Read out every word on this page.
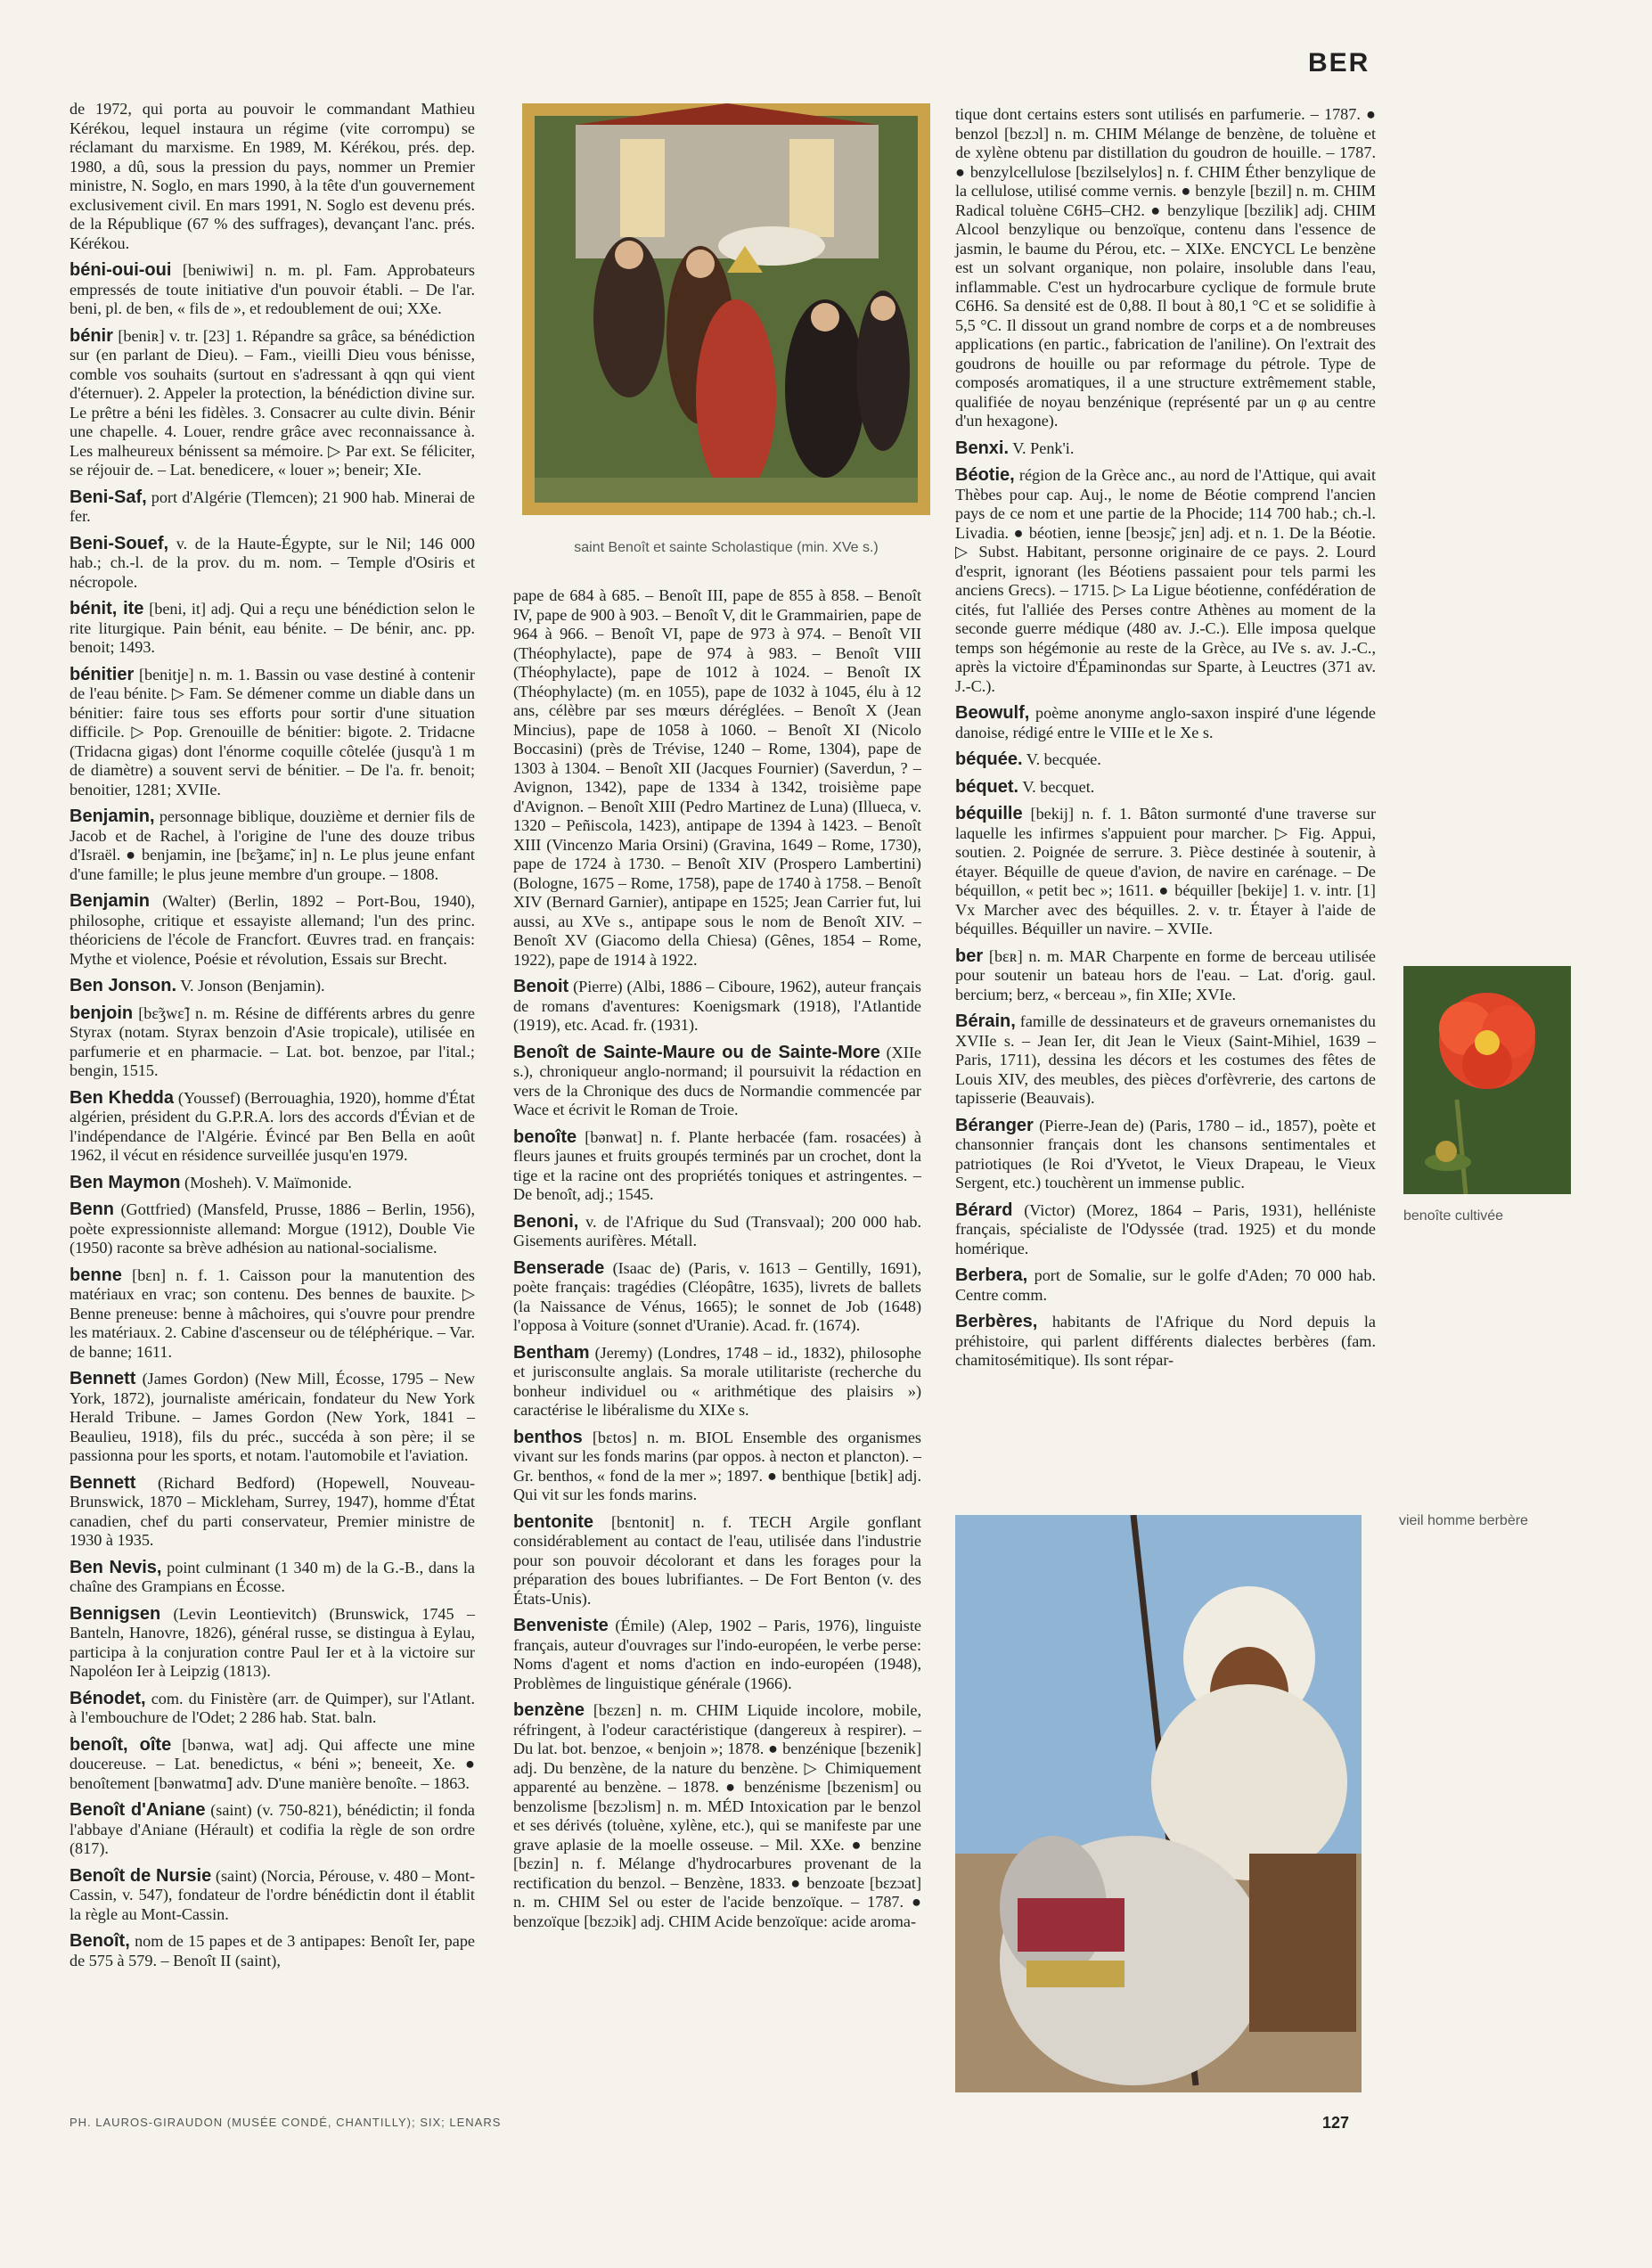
BER

de 1972, qui porta au pouvoir le commandant Mathieu Kérékou, lequel instaura un régime (vite corrompu) se réclamant du marxisme. En 1989, M. Kérékou, prés. dep. 1980, a dû, sous la pression du pays, nommer un Premier ministre, N. Soglo, en mars 1990, à la tête d'un gouvernement exclusivement civil. En mars 1991, N. Soglo est devenu prés. de la République (67 % des suffrages), devançant l'anc. prés. Kérékou.

béni-oui-oui [beniwiwi] n. m. pl. Fam. Approbateurs empressés de toute initiative d'un pouvoir établi. – De l'ar. beni, pl. de ben, « fils de », et redoublement de oui; XXe.

bénir [beniʀ] v. tr. [23] 1. Répandre sa grâce, sa bénédiction sur (en parlant de Dieu). – Fam., vieilli Dieu vous bénisse, comble vos souhaits (surtout en s'adressant à qqn qui vient d'éternuer). 2. Appeler la protection, la bénédiction divine sur. Le prêtre a béni les fidèles. 3. Consacrer au culte divin. Bénir une chapelle. 4. Louer, rendre grâce avec reconnaissance à. Les malheureux bénissent sa mémoire. ▷ Par ext. Se féliciter, se réjouir de. – Lat. benedicere, « louer »; beneir; XIe.

Beni-Saf, port d'Algérie (Tlemcen); 21 900 hab. Minerai de fer.

Beni-Souef, v. de la Haute-Égypte, sur le Nil; 146 000 hab.; ch.-l. de la prov. du m. nom. – Temple d'Osiris et nécropole.

bénit, ite [beni, it] adj. Qui a reçu une bénédiction selon le rite liturgique. Pain bénit, eau bénite. – De bénir, anc. pp. benoit; 1493.

bénitier [benitje] n. m. 1. Bassin ou vase destiné à contenir de l'eau bénite. ▷ Fam. Se démener comme un diable dans un bénitier: faire tous ses efforts pour sortir d'une situation difficile. ▷ Pop. Grenouille de bénitier: bigote. 2. Tridacne (Tridacna gigas) dont l'énorme coquille côtelée (jusqu'à 1 m de diamètre) a souvent servi de bénitier. – De l'a. fr. benoit; benoitier, 1281; XVIIe.

Benjamin, personnage biblique, douzième et dernier fils de Jacob et de Rachel, à l'origine de l'une des douze tribus d'Israël. ● benjamin, ine [bɛ̃ʒamɛ̃, in] n. Le plus jeune enfant d'une famille; le plus jeune membre d'un groupe. – 1808.

Benjamin (Walter) (Berlin, 1892 – Port-Bou, 1940), philosophe, critique et essayiste allemand; l'un des princ. théoriciens de l'école de Francfort. Œuvres trad. en français: Mythe et violence, Poésie et révolution, Essais sur Brecht.

Ben Jonson. V. Jonson (Benjamin).

benjoin [bɛ̃ʒwɛ̃] n. m. Résine de différents arbres du genre Styrax (notam. Styrax benzoin d'Asie tropicale), utilisée en parfumerie et en pharmacie. – Lat. bot. benzoe, par l'ital.; bengin, 1515.

Ben Khedda (Youssef) (Berrouaghia, 1920), homme d'État algérien, président du G.P.R.A. lors des accords d'Évian et de l'indépendance de l'Algérie. Évincé par Ben Bella en août 1962, il vécut en résidence surveillée jusqu'en 1979.

Ben Maymon (Mosheh). V. Maïmonide.

Benn (Gottfried) (Mansfeld, Prusse, 1886 – Berlin, 1956), poète expressionniste allemand: Morgue (1912), Double Vie (1950) raconte sa brève adhésion au national-socialisme.

benne [bɛn] n. f. 1. Caisson pour la manutention des matériaux en vrac; son contenu. Des bennes de bauxite. ▷ Benne preneuse: benne à mâchoires, qui s'ouvre pour prendre les matériaux. 2. Cabine d'ascenseur ou de téléphérique. – Var. de banne; 1611.

Bennett (James Gordon) (New Mill, Écosse, 1795 – New York, 1872), journaliste américain, fondateur du New York Herald Tribune. – James Gordon (New York, 1841 – Beaulieu, 1918), fils du préc., succéda à son père; il se passionna pour les sports, et notam. l'automobile et l'aviation.

Bennett (Richard Bedford) (Hopewell, Nouveau-Brunswick, 1870 – Mickleham, Surrey, 1947), homme d'État canadien, chef du parti conservateur, Premier ministre de 1930 à 1935.

Ben Nevis, point culminant (1 340 m) de la G.-B., dans la chaîne des Grampians en Écosse.

Bennigsen (Levin Leontievitch) (Brunswick, 1745 – Banteln, Hanovre, 1826), général russe, se distingua à Eylau, participa à la conjuration contre Paul Ier et à la victoire sur Napoléon Ier à Leipzig (1813).

Bénodet, com. du Finistère (arr. de Quimper), sur l'Atlant. à l'embouchure de l'Odet; 2 286 hab. Stat. baln.

benoît, oîte [bənwa, wat] adj. Qui affecte une mine doucereuse. – Lat. benedictus, « béni »; beneeit, Xe. ● benoîtement [bənwatmɑ̃] adv. D'une manière benoîte. – 1863.

Benoît d'Aniane (saint) (v. 750-821), bénédictin; il fonda l'abbaye d'Aniane (Hérault) et codifia la règle de son ordre (817).

Benoît de Nursie (saint) (Norcia, Pérouse, v. 480 – Mont-Cassin, v. 547), fondateur de l'ordre bénédictin dont il établit la règle au Mont-Cassin.

Benoît, nom de 15 papes et de 3 antipapes: Benoît Ier, pape de 575 à 579. – Benoît II (saint),

saint Benoît et sainte Scholastique (min. XVe s.)

pape de 684 à 685. – Benoît III, pape de 855 à 858. – Benoît IV, pape de 900 à 903. – Benoît V, dit le Grammairien, pape de 964 à 966. – Benoît VI, pape de 973 à 974. – Benoît VII (Théophylacte), pape de 974 à 983. – Benoît VIII (Théophylacte), pape de 1012 à 1024. – Benoît IX (Théophylacte) (m. en 1055), pape de 1032 à 1045, élu à 12 ans, célèbre par ses mœurs déréglées. – Benoît X (Jean Mincius), pape de 1058 à 1060. – Benoît XI (Nicolo Boccasini) (près de Trévise, 1240 – Rome, 1304), pape de 1303 à 1304. – Benoît XII (Jacques Fournier) (Saverdun, ? – Avignon, 1342), pape de 1334 à 1342, troisième pape d'Avignon. – Benoît XIII (Pedro Martinez de Luna) (Illueca, v. 1320 – Peñiscola, 1423), antipape de 1394 à 1423. – Benoît XIII (Vincenzo Maria Orsini) (Gravina, 1649 – Rome, 1730), pape de 1724 à 1730. – Benoît XIV (Prospero Lambertini) (Bologne, 1675 – Rome, 1758), pape de 1740 à 1758. – Benoît XIV (Bernard Garnier), antipape en 1525; Jean Carrier fut, lui aussi, au XVe s., antipape sous le nom de Benoît XIV. – Benoît XV (Giacomo della Chiesa) (Gênes, 1854 – Rome, 1922), pape de 1914 à 1922.

Benoit (Pierre) (Albi, 1886 – Ciboure, 1962), auteur français de romans d'aventures: Koenigsmark (1918), l'Atlantide (1919), etc. Acad. fr. (1931).

Benoît de Sainte-Maure ou de Sainte-More (XIIe s.), chroniqueur anglo-normand; il poursuivit la rédaction en vers de la Chronique des ducs de Normandie commencée par Wace et écrivit le Roman de Troie.

benoîte [bənwat] n. f. Plante herbacée (fam. rosacées) à fleurs jaunes et fruits groupés terminés par un crochet, dont la tige et la racine ont des propriétés toniques et astringentes. – De benoît, adj.; 1545.

Benoni, v. de l'Afrique du Sud (Transvaal); 200 000 hab. Gisements aurifères. Métall.

Benserade (Isaac de) (Paris, v. 1613 – Gentilly, 1691), poète français: tragédies (Cléopâtre, 1635), livrets de ballets (la Naissance de Vénus, 1665); le sonnet de Job (1648) l'opposa à Voiture (sonnet d'Uranie). Acad. fr. (1674).

Bentham (Jeremy) (Londres, 1748 – id., 1832), philosophe et jurisconsulte anglais. Sa morale utilitariste (recherche du bonheur individuel ou « arithmétique des plaisirs ») caractérise le libéralisme du XIXe s.

benthos [bɛtos] n. m. BIOL Ensemble des organismes vivant sur les fonds marins (par oppos. à necton et plancton). – Gr. benthos, « fond de la mer »; 1897. ● benthique [bɛtik] adj. Qui vit sur les fonds marins.

bentonite [bɛntonit] n. f. TECH Argile gonflant considérablement au contact de l'eau, utilisée dans l'industrie pour son pouvoir décolorant et dans les forages pour la préparation des boues lubrifiantes. – De Fort Benton (v. des États-Unis).

Benveniste (Émile) (Alep, 1902 – Paris, 1976), linguiste français, auteur d'ouvrages sur l'indo-européen, le verbe perse: Noms d'agent et noms d'action en indo-européen (1948), Problèmes de linguistique générale (1966).

benzène [bɛzɛn] n. m. CHIM Liquide incolore, mobile, réfringent, à l'odeur caractéristique (dangereux à respirer). – Du lat. bot. benzoe, « benjoin »; 1878. ● benzénique [bɛzenik] adj. Du benzène, de la nature du benzène. ▷ Chimiquement apparenté au benzène. – 1878. ● benzénisme [bɛzenism] ou benzolisme [bɛzɔlism] n. m. MÉD Intoxication par le benzol et ses dérivés (toluène, xylène, etc.), qui se manifeste par une grave aplasie de la moelle osseuse. – Mil. XXe. ● benzine [bɛzin] n. f. Mélange d'hydrocarbures provenant de la rectification du benzol. – Benzène, 1833. ● benzoate [bɛzɔat] n. m. CHIM Sel ou ester de l'acide benzoïque. – 1787. ● benzoïque [bɛzɔik] adj. CHIM Acide benzoïque: acide aroma-

tique dont certains esters sont utilisés en parfumerie. – 1787. ● benzol [bɛzɔl] n. m. CHIM Mélange de benzène, de toluène et de xylène obtenu par distillation du goudron de houille. – 1787. ● benzylcellulose [bɛzilselylos] n. f. CHIM Éther benzylique de la cellulose, utilisé comme vernis. ● benzyle [bɛzil] n. m. CHIM Radical toluène C6H5–CH2. ● benzylique [bɛzilik] adj. CHIM Alcool benzylique ou benzoïque, contenu dans l'essence de jasmin, le baume du Pérou, etc. – XIXe. ENCYCL Le benzène est un solvant organique, non polaire, insoluble dans l'eau, inflammable. C'est un hydrocarbure cyclique de formule brute C6H6. Sa densité est de 0,88. Il bout à 80,1 °C et se solidifie à 5,5 °C. Il dissout un grand nombre de corps et a de nombreuses applications (en partic., fabrication de l'aniline). On l'extrait des goudrons de houille ou par reformage du pétrole. Type de composés aromatiques, il a une structure extrêmement stable, qualifiée de noyau benzénique (représenté par un φ au centre d'un hexagone).

Benxi. V. Penk'i.

Béotie, région de la Grèce anc., au nord de l'Attique, qui avait Thèbes pour cap. Auj., le nome de Béotie comprend l'ancien pays de ce nom et une partie de la Phocide; 114 700 hab.; ch.-l. Livadia. ● béotien, ienne [beɔsjɛ̃, jɛn] adj. et n. 1. De la Béotie. ▷ Subst. Habitant, personne originaire de ce pays. 2. Lourd d'esprit, ignorant (les Béotiens passaient pour tels parmi les anciens Grecs). – 1715. ▷ La Ligue béotienne, confédération de cités, fut l'alliée des Perses contre Athènes au moment de la seconde guerre médique (480 av. J.-C.). Elle imposa quelque temps son hégémonie au reste de la Grèce, au IVe s. av. J.-C., après la victoire d'Épaminondas sur Sparte, à Leuctres (371 av. J.-C.).

Beowulf, poème anonyme anglo-saxon inspiré d'une légende danoise, rédigé entre le VIIIe et le Xe s.

béquée. V. becquée.

béquet. V. becquet.

béquille [bekij] n. f. 1. Bâton surmonté d'une traverse sur laquelle les infirmes s'appuient pour marcher. ▷ Fig. Appui, soutien. 2. Poignée de serrure. 3. Pièce destinée à soutenir, à étayer. Béquille de queue d'avion, de navire en carénage. – De béquillon, « petit bec »; 1611. ● béquiller [bekije] 1. v. intr. [1] Vx Marcher avec des béquilles. 2. v. tr. Étayer à l'aide de béquilles. Béquiller un navire. – XVIIe.

ber [bɛʀ] n. m. MAR Charpente en forme de berceau utilisée pour soutenir un bateau hors de l'eau. – Lat. d'orig. gaul. bercium; berz, « berceau », fin XIIe; XVIe.

Bérain, famille de dessinateurs et de graveurs ornemanistes du XVIIe s. – Jean Ier, dit Jean le Vieux (Saint-Mihiel, 1639 – Paris, 1711), dessina les décors et les costumes des fêtes de Louis XIV, des meubles, des pièces d'orfèvrerie, des cartons de tapisserie (Beauvais).

Béranger (Pierre-Jean de) (Paris, 1780 – id., 1857), poète et chansonnier français dont les chansons sentimentales et patriotiques (le Roi d'Yvetot, le Vieux Drapeau, le Vieux Sergent, etc.) touchèrent un immense public.

Bérard (Victor) (Morez, 1864 – Paris, 1931), helléniste français, spécialiste de l'Odyssée (trad. 1925) et du monde homérique.

Berbera, port de Somalie, sur le golfe d'Aden; 70 000 hab. Centre comm.

Berbères, habitants de l'Afrique du Nord depuis la préhistoire, qui parlent différents dialectes berbères (fam. chamitosémitique). Ils sont répar-

benoîte cultivée
vieil homme berbère
PH. LAUROS-GIRAUDON (MUSÉE CONDÉ, CHANTILLY); SIX; LENARS	127
